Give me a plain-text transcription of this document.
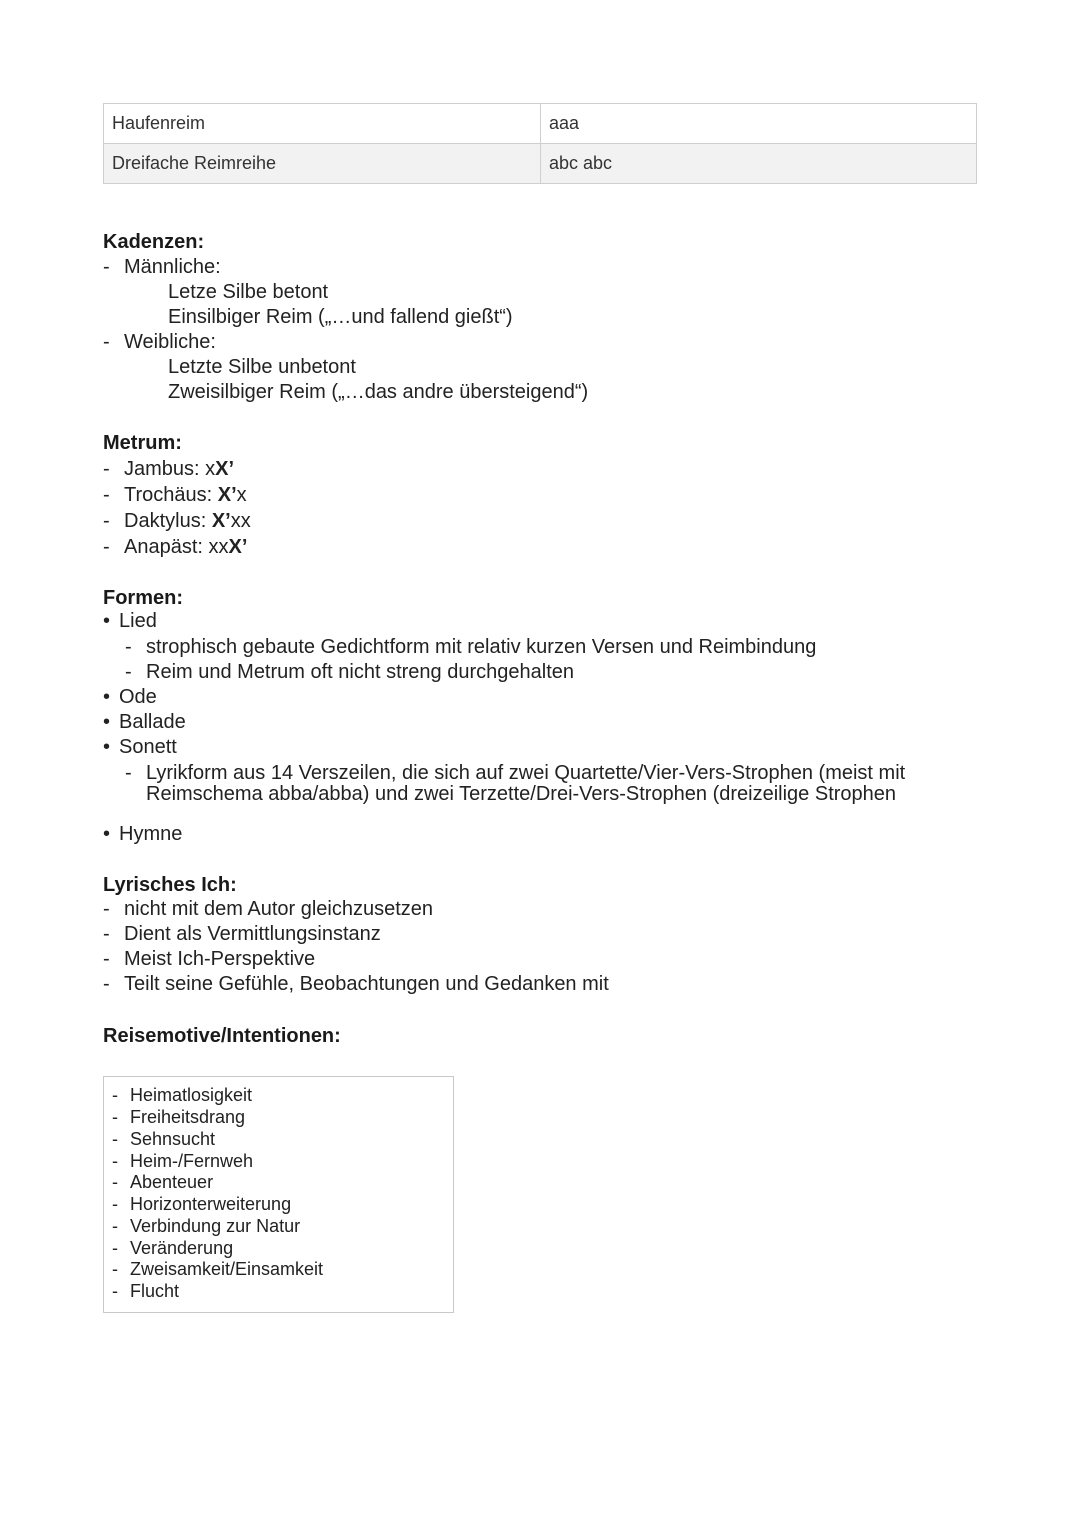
Haufenreim	aaa
Dreifache Reimreihe	abc abc
Kadenzen:
- Männliche:
Letze Silbe betont
Einsilbiger Reim („…und fallend gießt“)
- Weibliche:
Letzte Silbe unbetont
Zweisilbiger Reim („…das andre übersteigend“)
Metrum:
- Jambus: xX’
- Trochäus: X’x
- Daktylus: X’xx
- Anapäst: xxX’
Formen:
• Lied
- strophisch gebaute Gedichtform mit relativ kurzen Versen und Reimbindung
- Reim und Metrum oft nicht streng durchgehalten
• Ode
• Ballade
• Sonett
- Lyrikform aus 14 Verszeilen, die sich auf zwei Quartette/Vier-Vers-Strophen (meist mit
Reimschema abba/abba) und zwei Terzette/Drei-Vers-Strophen (dreizeilige Strophen
• Hymne
Lyrisches Ich:
- nicht mit dem Autor gleichzusetzen
- Dient als Vermittlungsinstanz
- Meist Ich-Perspektive
- Teilt seine Gefühle, Beobachtungen und Gedanken mit
Reisemotive/Intentionen:
- Heimatlosigkeit
- Freiheitsdrang
- Sehnsucht
- Heim-/Fernweh
- Abenteuer
- Horizonterweiterung
- Verbindung zur Natur
- Veränderung
- Zweisamkeit/Einsamkeit
- Flucht
